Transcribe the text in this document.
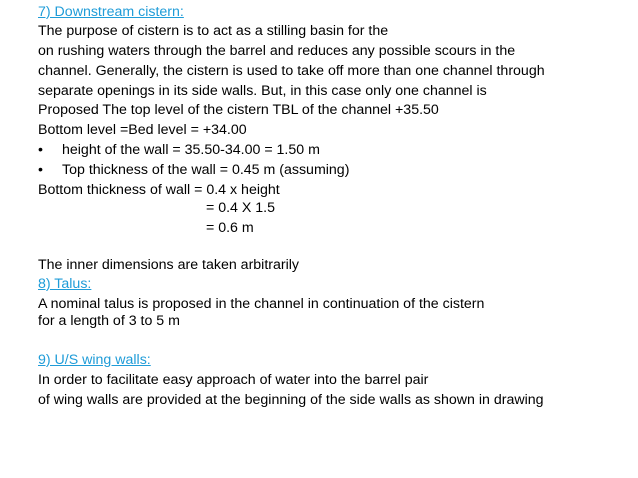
7) Downstream cistern:
The purpose of cistern is to act as a stilling basin for the
on rushing waters through the barrel and reduces any possible scours in the
channel. Generally, the cistern is used to take off more than one channel through
separate openings in its side walls. But, in this case only one channel is
Proposed The top level of the cistern TBL of the channel +35.50
Bottom level =Bed level = +34.00
• height of the wall = 35.50-34.00 = 1.50 m
• Top thickness of the wall = 0.45 m (assuming)
Bottom thickness of wall = 0.4 x height
= 0.4 X 1.5
= 0.6 m
The inner dimensions are taken arbitrarily
8) Talus:
A nominal talus is proposed in the channel in continuation of the cistern
for a length of 3 to 5 m
9) U/S wing walls:
In order to facilitate easy approach of water into the barrel pair
of wing walls are provided at the beginning of the side walls as shown in drawing
